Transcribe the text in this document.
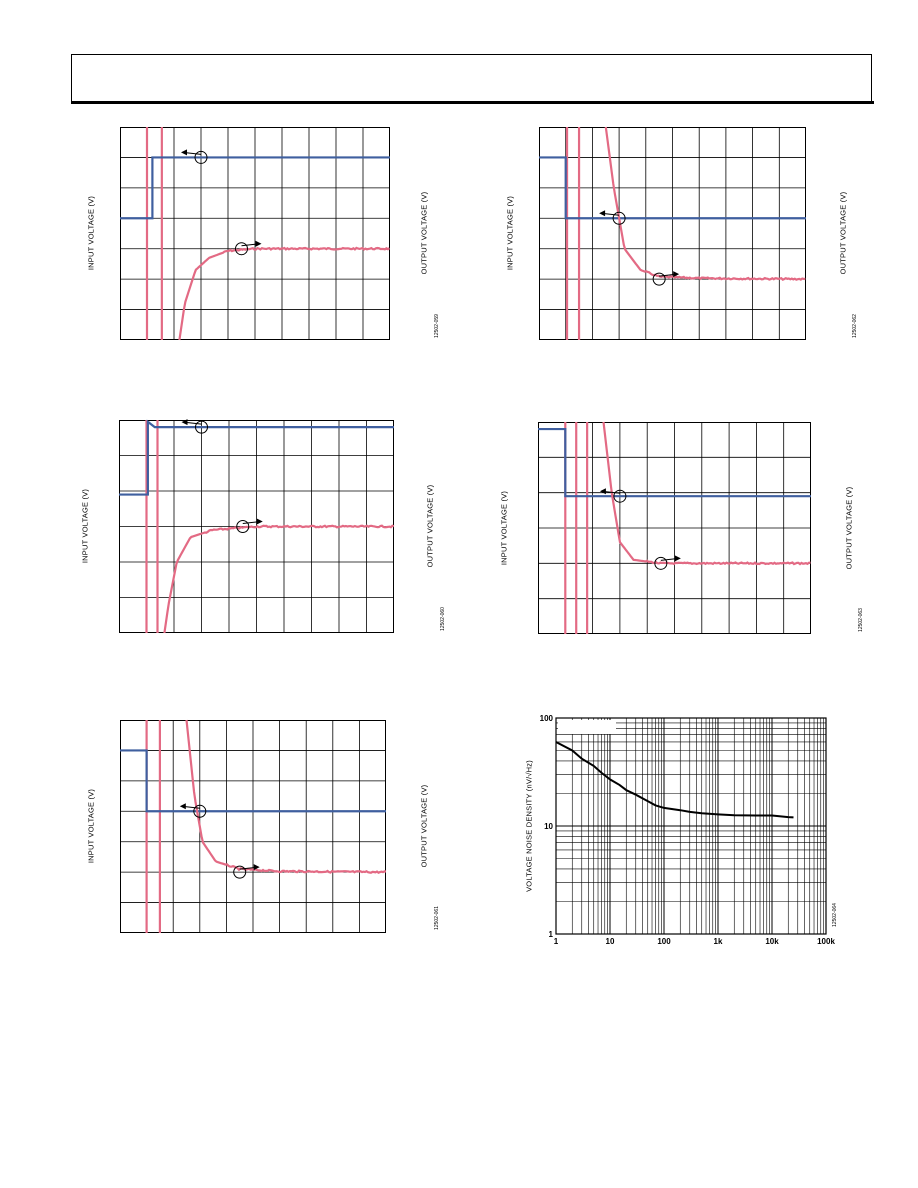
INPUT VOLTAGE (V)	OUTPUT VOLTAGE (V)
12502-059
INPUT VOLTAGE (V)	OUTPUT VOLTAGE (V)
12502-062
INPUT VOLTAGE (V)	OUTPUT VOLTAGE (V)
12502-060
INPUT VOLTAGE (V)	OUTPUT VOLTAGE (V)
12502-063
INPUT VOLTAGE (V)	OUTPUT VOLTAGE (V)
12502-061
1	10	100	1k	10k	100k
1
10
100
VOLTAGE NOISE DENSITY (nV/√Hz)
12502-064
